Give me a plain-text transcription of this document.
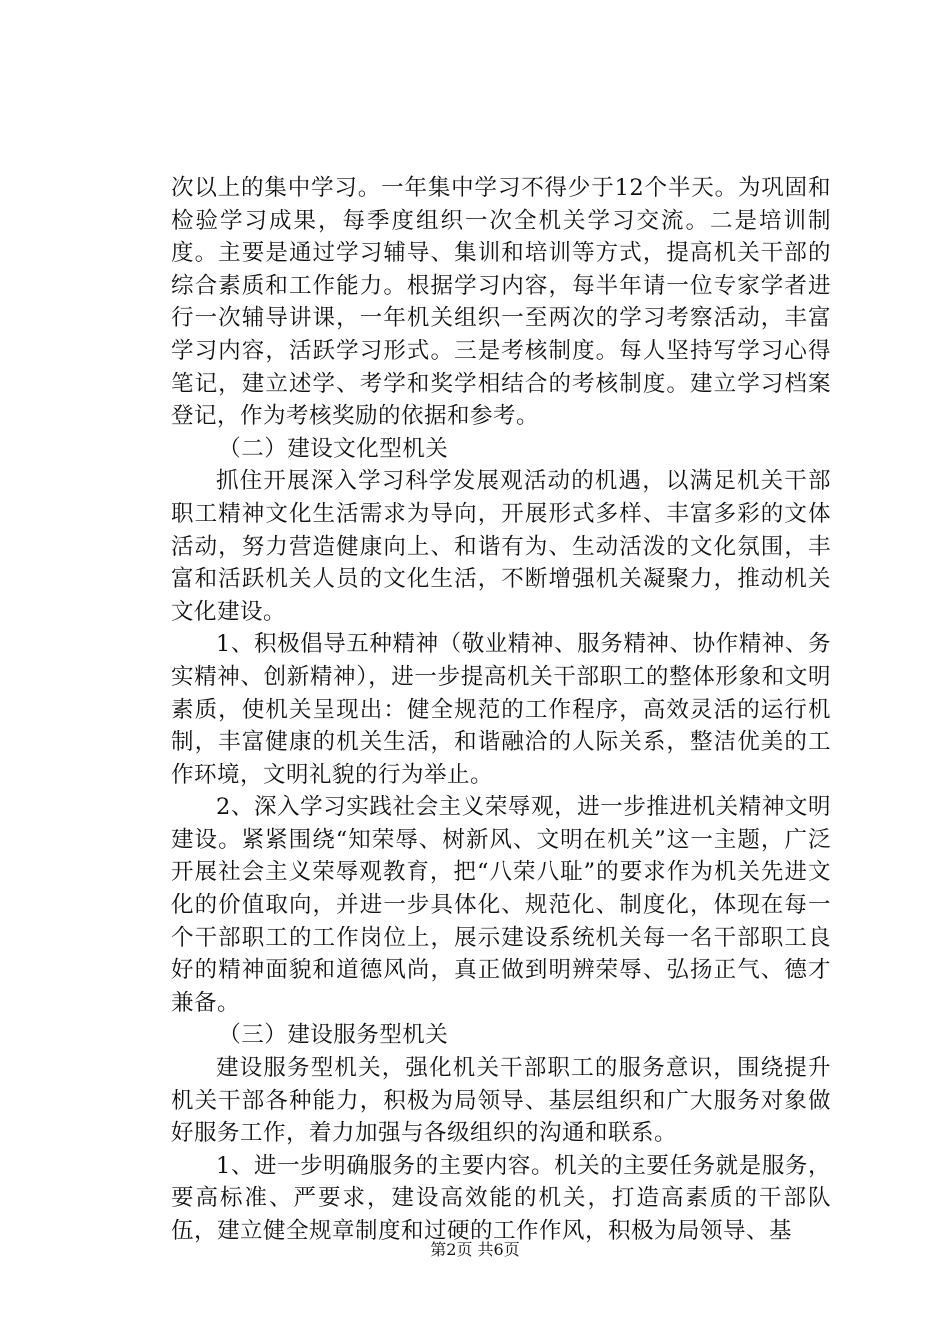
次以上的集中学习。一年集中学习不得少于12个半天。为巩固和检验学习成果，每季度组织一次全机关学习交流。二是培训制度。主要是通过学习辅导、集训和培训等方式，提高机关干部的综合素质和工作能力。根据学习内容，每半年请一位专家学者进行一次辅导讲课，一年机关组织一至两次的学习考察活动，丰富学习内容，活跃学习形式。三是考核制度。每人坚持写学习心得笔记，建立述学、考学和奖学相结合的考核制度。建立学习档案登记，作为考核奖励的依据和参考。

（二）建设文化型机关

抓住开展深入学习科学发展观活动的机遇，以满足机关干部职工精神文化生活需求为导向，开展形式多样、丰富多彩的文体活动，努力营造健康向上、和谐有为、生动活泼的文化氛围，丰富和活跃机关人员的文化生活，不断增强机关凝聚力，推动机关文化建设。

1、积极倡导五种精神（敬业精神、服务精神、协作精神、务实精神、创新精神），进一步提高机关干部职工的整体形象和文明素质，使机关呈现出：健全规范的工作程序，高效灵活的运行机制，丰富健康的机关生活，和谐融洽的人际关系，整洁优美的工作环境，文明礼貌的行为举止。

2、深入学习实践社会主义荣辱观，进一步推进机关精神文明建设。紧紧围绕“知荣辱、树新风、文明在机关”这一主题，广泛开展社会主义荣辱观教育，把“八荣八耻”的要求作为机关先进文化的价值取向，并进一步具体化、规范化、制度化，体现在每一个干部职工的工作岗位上，展示建设系统机关每一名干部职工良好的精神面貌和道德风尚，真正做到明辨荣辱、弘扬正气、德才兼备。

（三）建设服务型机关

建设服务型机关，强化机关干部职工的服务意识，围绕提升机关干部各种能力，积极为局领导、基层组织和广大服务对象做好服务工作，着力加强与各级组织的沟通和联系。

1、进一步明确服务的主要内容。机关的主要任务就是服务，要高标准、严要求，建设高效能的机关，打造高素质的干部队伍，建立健全规章制度和过硬的工作作风，积极为局领导、基

第2页 共6页
